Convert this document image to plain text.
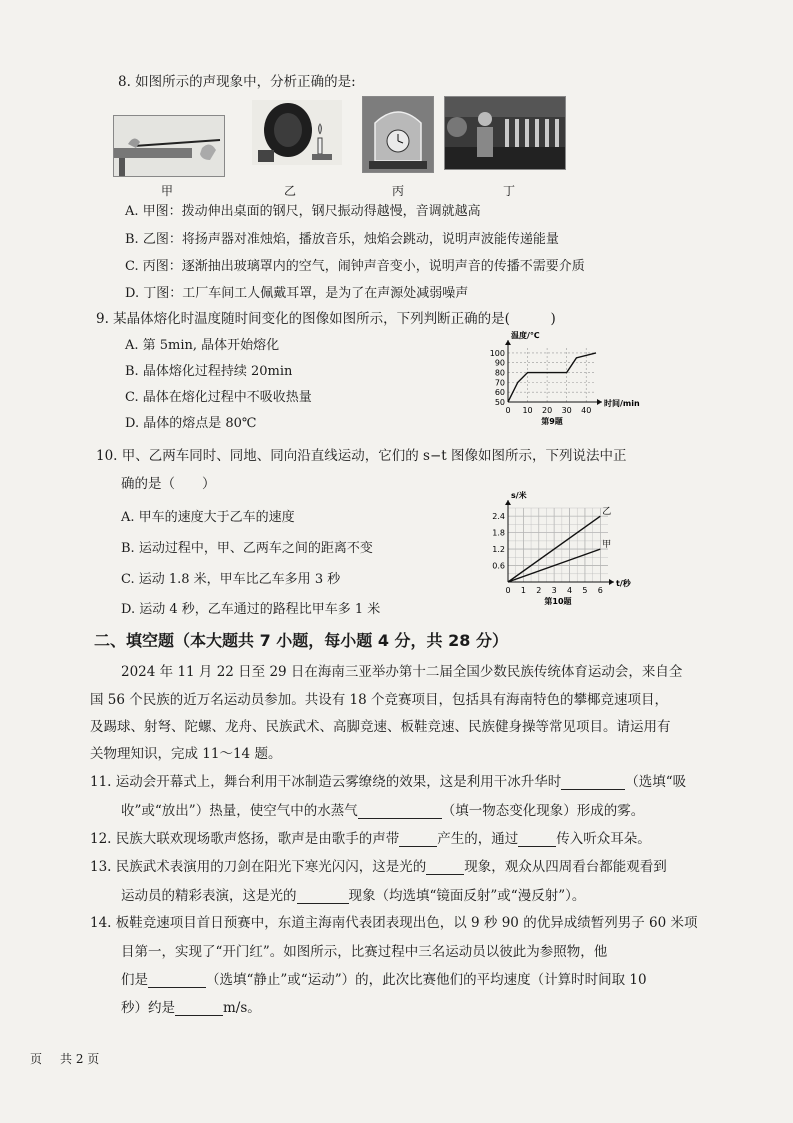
8. 如图所示的声现象中，分析正确的是:
甲	乙	丙	丁
A. 甲图：拨动伸出桌面的钢尺，钢尺振动得越慢，音调就越高
B. 乙图：将扬声器对准烛焰，播放音乐，烛焰会跳动，说明声波能传递能量
C. 丙图：逐渐抽出玻璃罩内的空气，闹钟声音变小，说明声音的传播不需要介质
D. 丁图：工厂车间工人佩戴耳罩，是为了在声源处减弱噪声
9. 某晶体熔化时温度随时间变化的图像如图所示，下列判断正确的是(　　　)
A. 第 5min, 晶体开始熔化
B. 晶体熔化过程持续 20min
C. 晶体在熔化过程中不吸收热量
D. 晶体的熔点是 80℃
0 10 20 30 40
50
60
70
80
90
100
温度/℃
时间/min
第9题
10. 甲、乙两车同时、同地、同向沿直线运动，它们的 s−t 图像如图所示，下列说法中正
确的是（　　）
A. 甲车的速度大于乙车的速度
B. 运动过程中，甲、乙两车之间的距离不变
C. 运动 1.8 米，甲车比乙车多用 3 秒
D. 运动 4 秒，乙车通过的路程比甲车多 1 米
0 1 2 3 4 5 6
0.6
1.2
1.8
2.4
s/米
t/秒
乙
甲
第10题
二、填空题（本大题共 7 小题，每小题 4 分，共 28 分）
2024 年 11 月 22 日至 29 日在海南三亚举办第十二届全国少数民族传统体育运动会，来自全
国 56 个民族的近万名运动员参加。共设有 18 个竞赛项目，包括具有海南特色的攀椰竞速项目，
及踢球、射弩、陀螺、龙舟、民族武术、高脚竞速、板鞋竞速、民族健身操等常见项目。请运用有
关物理知识，完成 11～14 题。
11. 运动会开幕式上，舞台利用干冰制造云雾缭绕的效果，这是利用干冰升华时	（选填“吸
收”或“放出”）热量，使空气中的水蒸气	（填一物态变化现象）形成的雾。
12. 民族大联欢现场歌声悠扬，歌声是由歌手的声带	产生的，通过	传入听众耳朵。
13. 民族武术表演用的刀剑在阳光下寒光闪闪，这是光的	现象，观众从四周看台都能观看到
运动员的精彩表演，这是光的	现象（均选填“镜面反射”或“漫反射”）。
14. 板鞋竞速项目首日预赛中，东道主海南代表团表现出色，以 9 秒 90 的优异成绩暂列男子 60 米项
目第一，实现了“开门红”。如图所示，比赛过程中三名运动员以彼此为参照物，他
们是	（选填“静止”或“运动”）的，此次比赛他们的平均速度（计算时时间取 10
秒）约是	m/s。
页 共 2 页
